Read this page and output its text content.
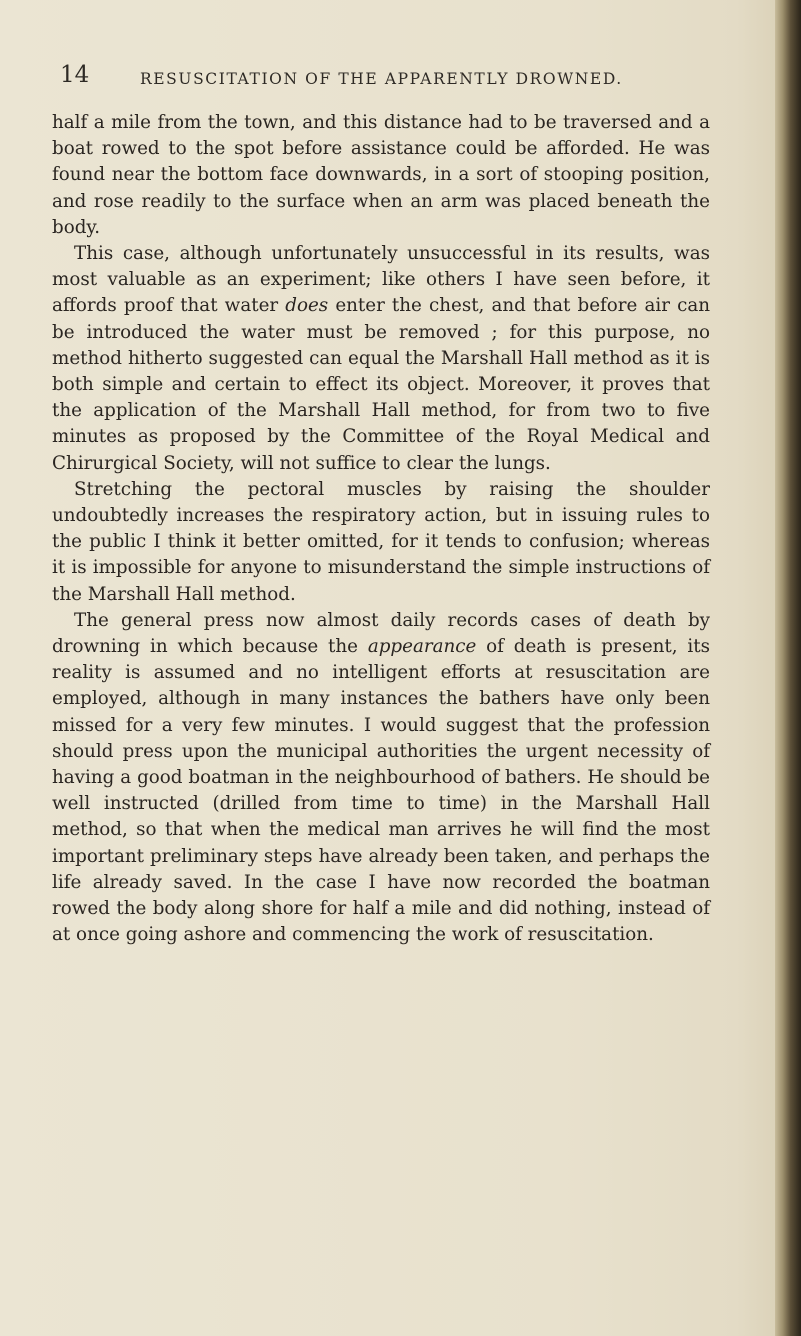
14	RESUSCITATION OF THE APPARENTLY DROWNED.

half a mile from the town, and this distance had to be traversed and a boat rowed to the spot before assistance could be afforded. He was found near the bottom face downwards, in a sort of stooping position, and rose readily to the surface when an arm was placed beneath the body.

This case, although unfortunately unsuccessful in its results, was most valuable as an experiment; like others I have seen before, it affords proof that water does enter the chest, and that before air can be introduced the water must be removed ; for this purpose, no method hitherto suggested can equal the Marshall Hall method as it is both simple and certain to effect its object. Moreover, it proves that the application of the Marshall Hall method, for from two to five minutes as proposed by the Committee of the Royal Medical and Chirurgical Society, will not suffice to clear the lungs.

Stretching the pectoral muscles by raising the shoulder undoubtedly increases the respiratory action, but in issuing rules to the public I think it better omitted, for it tends to confusion; whereas it is impossible for anyone to misunderstand the simple instructions of the Marshall Hall method.

The general press now almost daily records cases of death by drowning in which because the appearance of death is present, its reality is assumed and no intelligent efforts at resuscitation are employed, although in many instances the bathers have only been missed for a very few minutes. I would suggest that the profession should press upon the municipal authorities the urgent necessity of having a good boatman in the neighbourhood of bathers. He should be well instructed (drilled from time to time) in the Marshall Hall method, so that when the medical man arrives he will find the most important preliminary steps have already been taken, and perhaps the life already saved. In the case I have now recorded the boatman rowed the body along shore for half a mile and did nothing, instead of at once going ashore and commencing the work of resuscitation.
